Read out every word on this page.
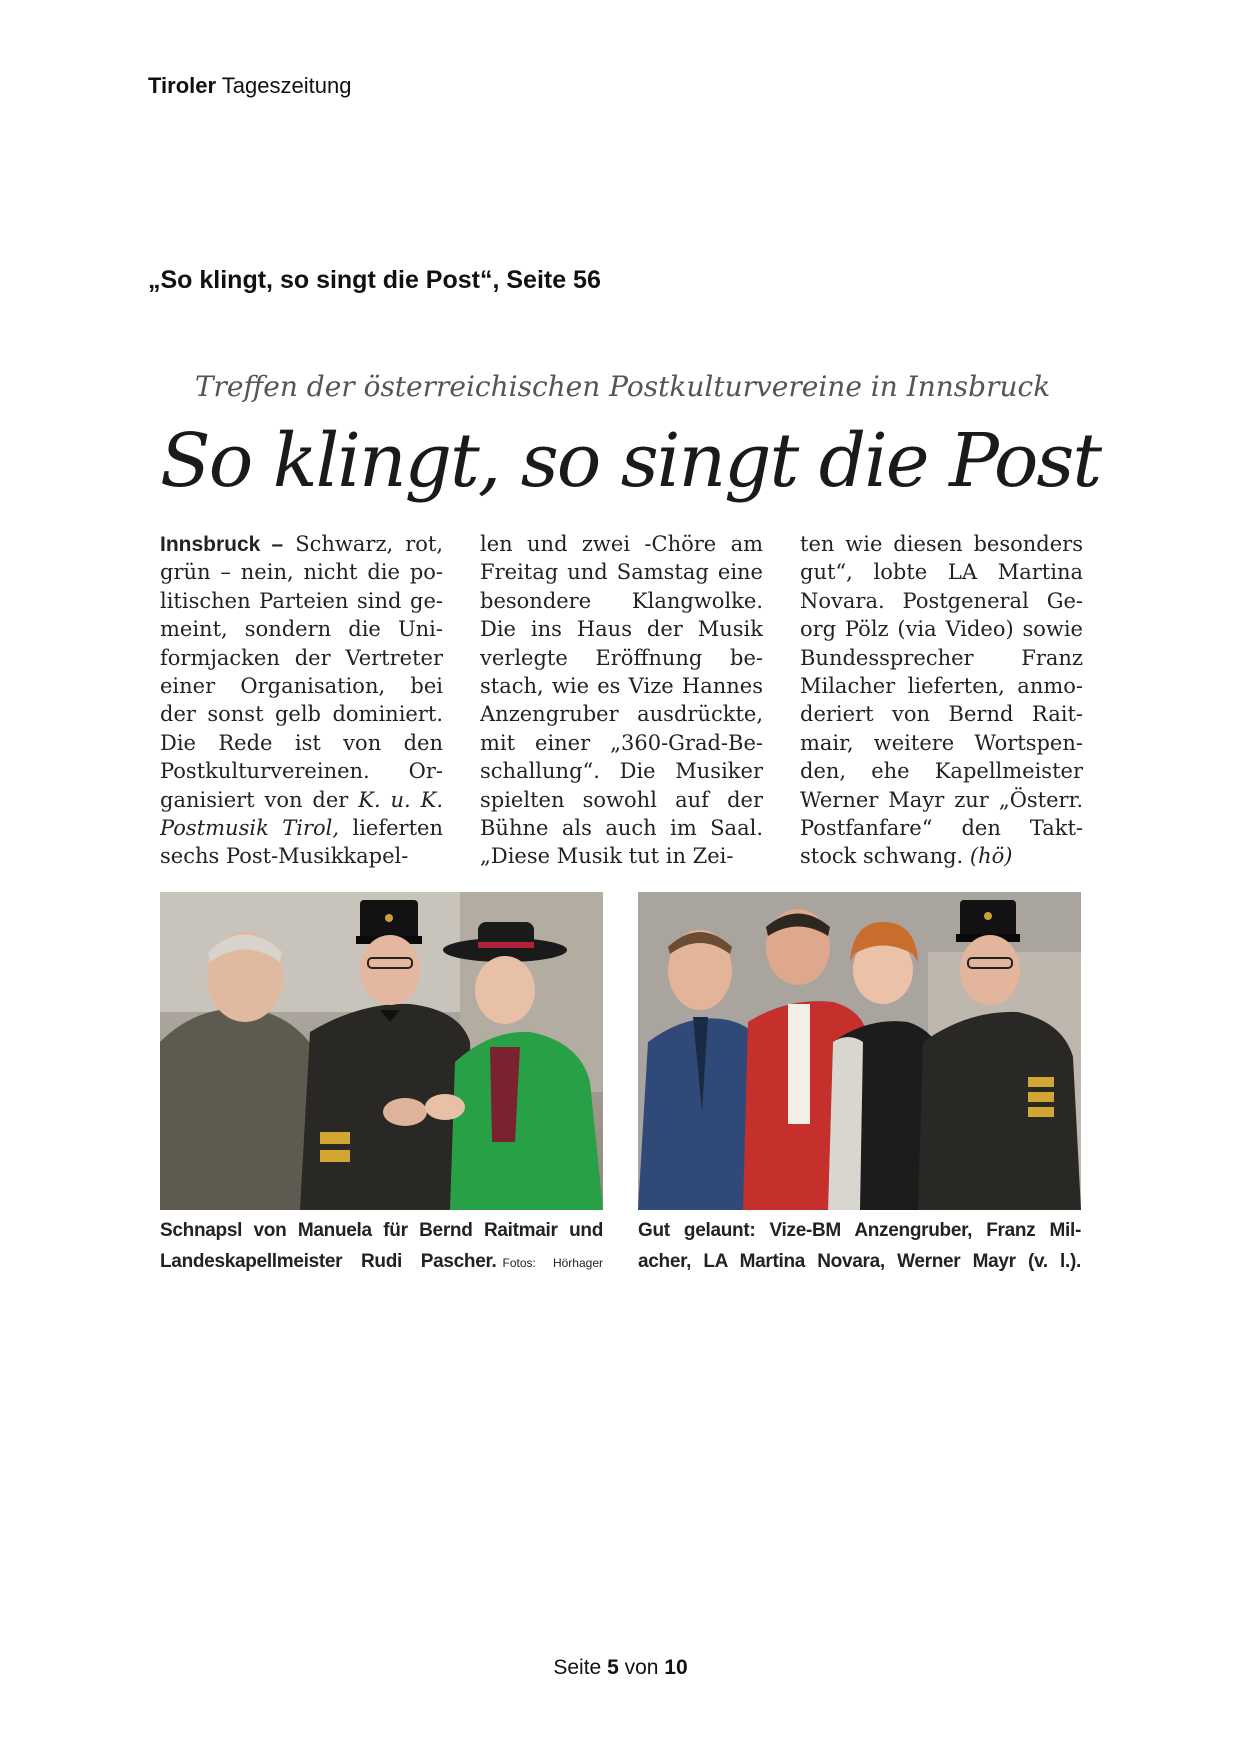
Tiroler Tageszeitung
„So klingt, so singt die Post“, Seite 56
Treffen der österreichischen Postkulturvereine in Innsbruck
So klingt, so singt die Post
Innsbruck – Schwarz, rot,
grün – nein, nicht die po-
litischen Parteien sind ge-
meint, sondern die Uni-
formjacken der Vertreter
einer Organisation, bei
der sonst gelb dominiert.
Die Rede ist von den
Postkulturvereinen. Or-
ganisiert von der K. u. K.
Postmusik Tirol, lieferten
sechs Post-Musikkapel-
len und zwei -Chöre am
Freitag und Samstag eine
besondere Klangwolke.
Die ins Haus der Musik
verlegte Eröffnung be-
stach, wie es Vize Hannes
Anzengruber ausdrückte,
mit einer „360-Grad-Be-
schallung“. Die Musiker
spielten sowohl auf der
Bühne als auch im Saal.
„Diese Musik tut in Zei-
ten wie diesen besonders
gut“, lobte LA Martina
Novara. Postgeneral Ge-
org Pölz (via Video) sowie
Bundessprecher Franz
Milacher lieferten, anmo-
deriert von Bernd Rait-
mair, weitere Wortspen-
den, ehe Kapellmeister
Werner Mayr zur „Österr.
Postfanfare“ den Takt-
stock schwang. (hö)
Schnapsl von Manuela für Bernd Raitmair und
Landeskapellmeister Rudi Pascher. Fotos: Hörhager
Gut gelaunt: Vize-BM Anzengruber, Franz Mil-
acher, LA Martina Novara, Werner Mayr (v. l.).
Seite 5 von 10
